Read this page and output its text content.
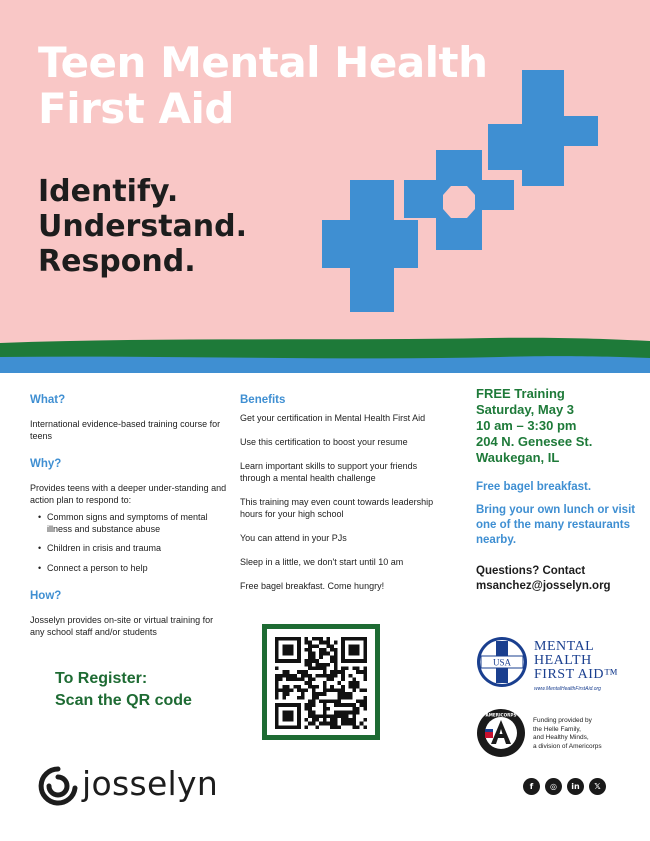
Teen Mental Health
First Aid
Identify.
Understand.
Respond.
What?

International evidence-based training course for teens

Why?

Provides teens with a deeper under-standing and action plan to respond to:

• Common signs and symptoms of mental illness and substance abuse
• Children in crisis and trauma
• Connect a person to help
How?

Josselyn provides on-site or virtual training for any school staff and/or students

Benefits

Get your certification in Mental Health First Aid

Use this certification to boost your resume

Learn important skills to support your friends through a mental health challenge

This training may even count towards leadership hours for your high school

You can attend in your PJs

Sleep in a little, we don't start until 10 am

Free bagel breakfast. Come hungry!

FREE Training
Saturday, May 3
10 am – 3:30 pm
204 N. Genesee St.
Waukegan, IL

Free bagel breakfast.

Bring your own lunch or visit one of the many restaurants nearby.

Questions? Contact
msanchez@josselyn.org

To Register:
Scan the QR code

USA
MENTAL
HEALTH
FIRST AID™
www.MentalHealthFirstAid.org
AMERICORPS
Funding provided by
the Helle Family,
and Healthy Minds,
a division of Americorps
josselyn	f	◎	in	𝕏
